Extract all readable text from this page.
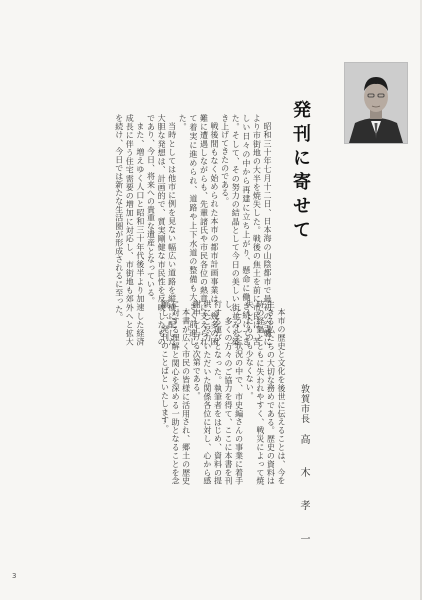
発刊に寄せて

昭和三十年七月十二日、日本海の山陰都市で最初の空襲により市街地の大半を焼失した。戦後の焦土を前に市民は、苦しい日々の中から再建に立ち上がり、懸命に働き続けてきた。そして、その努力の結晶として今日の美しい街並みを築き上げてきたのである。

戦後間もなく始められた本市の都市計画事業は、幾多の困難に遭遇しながらも、先輩諸氏や市民各位の熱意に支えられて着実に進められ、道路や上下水道の整備も大きく前進した。

当時としては他市に例を見ない幅広い道路を縦横に配した大胆な発想は、計画的で、質実剛健な市民性を反映したものであり、今日、将来への貴重な遺産となっている。

また、増えゆく人口と昭和三十年代後半より加速した経済成長に伴う住宅需要の増加に対応し、市街地も郊外へと拡大を続け、今日では新たな生活圏が形成されるに至った。

本市の歴史と文化を後世に伝えることは、今を生きる私たちの大切な務めである。歴史の資料は時の経過とともに失われやすく、戦災によって焼失したものも少なくない。

こうした状況の中で、市史編さんの事業に着手し、多くの方々のご協力を得て、ここに本書を刊行する運びとなった。執筆者をはじめ、資料の提供にご尽力いただいた関係各位に対し、心から感謝申し上げる次第である。

本書が広く市民の皆様に活用され、郷土の歴史に対する理解と関心を深める一助となることを念願し、発刊のことばといたします。	敦賀市長
高 木 孝 一
3
